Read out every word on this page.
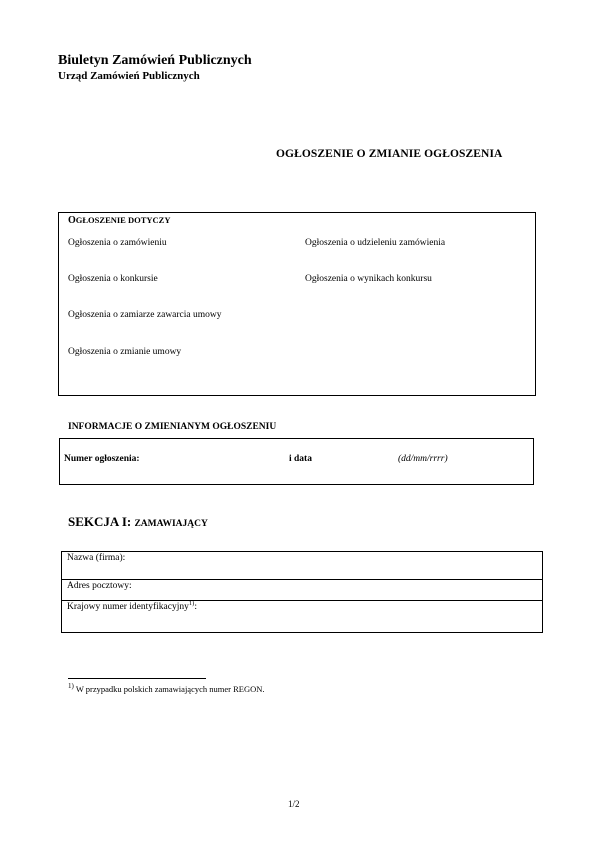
Biuletyn Zamówień Publicznych
Urząd Zamówień Publicznych
OGŁOSZENIE O ZMIANIE OGŁOSZENIA
OGŁOSZENIE DOTYCZY
Ogłoszenia o zamówieniu	Ogłoszenia o udzieleniu zamówienia
Ogłoszenia o konkursie	Ogłoszenia o wynikach konkursu
Ogłoszenia o zamiarze zawarcia umowy
Ogłoszenia o zmianie umowy
INFORMACJE O ZMIENIANYM OGŁOSZENIU
Numer ogłoszenia:	i data	(dd/mm/rrrr)
SEKCJA I: ZAMAWIAJĄCY
Nazwa (firma):
Adres pocztowy:
Krajowy numer identyfikacyjny$^{1)}$:
$^{1)}$ W przypadku polskich zamawiających numer REGON.
1/2
